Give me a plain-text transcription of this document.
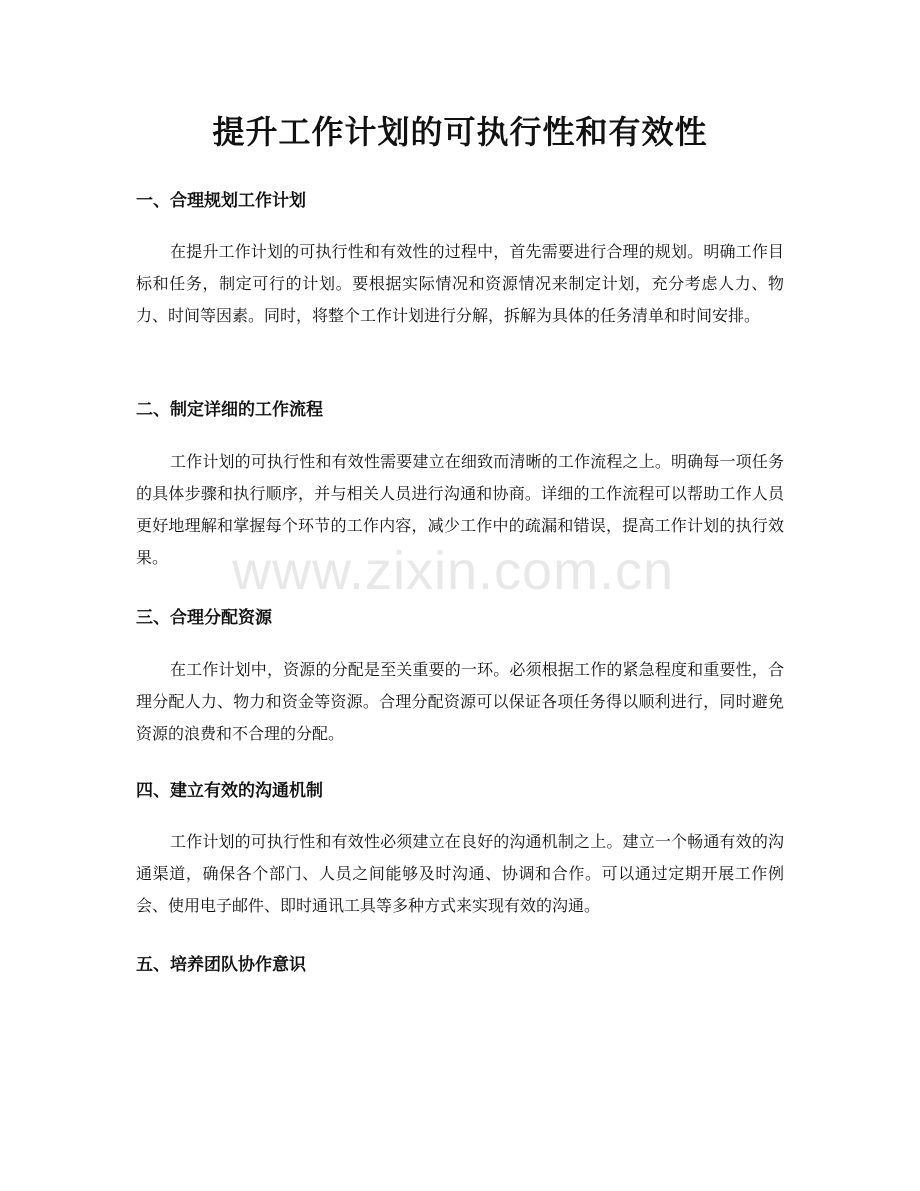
提升工作计划的可执行性和有效性
一、合理规划工作计划

在提升工作计划的可执行性和有效性的过程中，首先需要进行合理的规划。明确工作目标和任务，制定可行的计划。要根据实际情况和资源情况来制定计划，充分考虑人力、物力、时间等因素。同时，将整个工作计划进行分解，拆解为具体的任务清单和时间安排。

二、制定详细的工作流程

工作计划的可执行性和有效性需要建立在细致而清晰的工作流程之上。明确每一项任务的具体步骤和执行顺序，并与相关人员进行沟通和协商。详细的工作流程可以帮助工作人员更好地理解和掌握每个环节的工作内容，减少工作中的疏漏和错误，提高工作计划的执行效果。

三、合理分配资源

在工作计划中，资源的分配是至关重要的一环。必须根据工作的紧急程度和重要性，合理分配人力、物力和资金等资源。合理分配资源可以保证各项任务得以顺利进行，同时避免资源的浪费和不合理的分配。

四、建立有效的沟通机制

工作计划的可执行性和有效性必须建立在良好的沟通机制之上。建立一个畅通有效的沟通渠道，确保各个部门、人员之间能够及时沟通、协调和合作。可以通过定期开展工作例会、使用电子邮件、即时通讯工具等多种方式来实现有效的沟通。

五、培养团队协作意识
www.zixin.com.cn
